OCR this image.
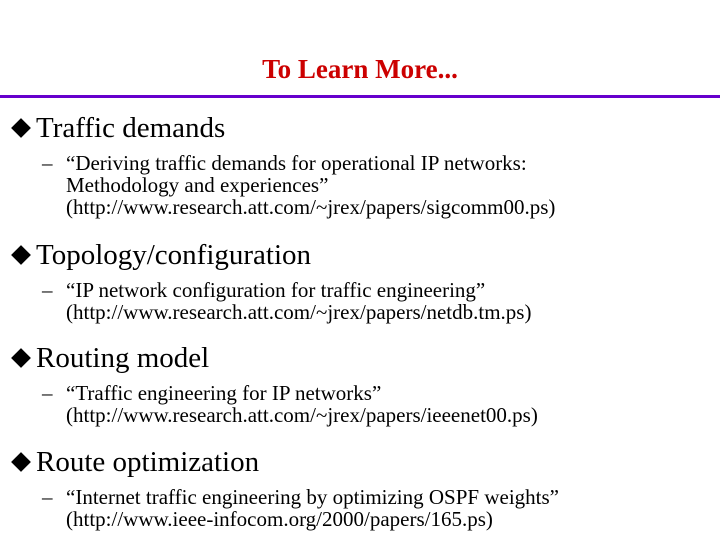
To Learn More...
Traffic demands
– “Deriving traffic demands for operational IP networks:
Methodology and experiences”
(http://www.research.att.com/~jrex/papers/sigcomm00.ps)
Topology/configuration
– “IP network configuration for traffic engineering”
(http://www.research.att.com/~jrex/papers/netdb.tm.ps)
Routing model
– “Traffic engineering for IP networks”
(http://www.research.att.com/~jrex/papers/ieeenet00.ps)
Route optimization
– “Internet traffic engineering by optimizing OSPF weights”
(http://www.ieee-infocom.org/2000/papers/165.ps)
